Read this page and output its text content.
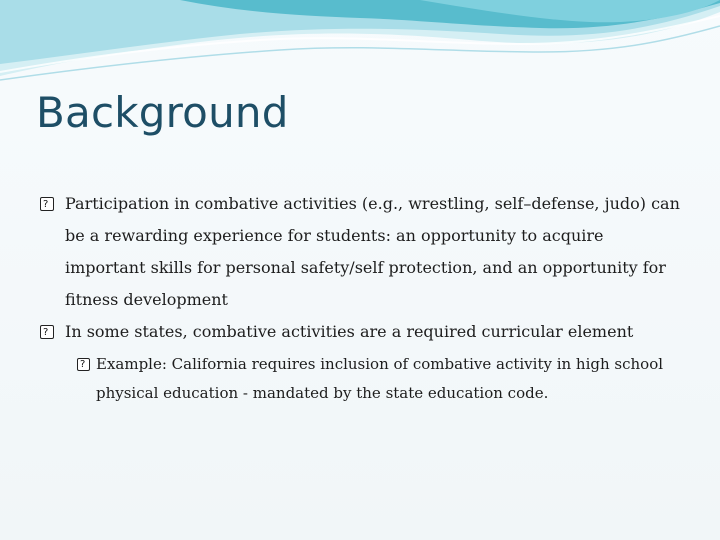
Background
?
Participation in combative activities (e.g., wrestling, self–defense, judo) can be a rewarding experience for students: an opportunity to acquire important skills for personal safety/self protection, and an opportunity for fitness development
?
In some states, combative activities are a required curricular element
?
Example: California requires inclusion of combative activity in high school physical education - mandated by the state education code.
